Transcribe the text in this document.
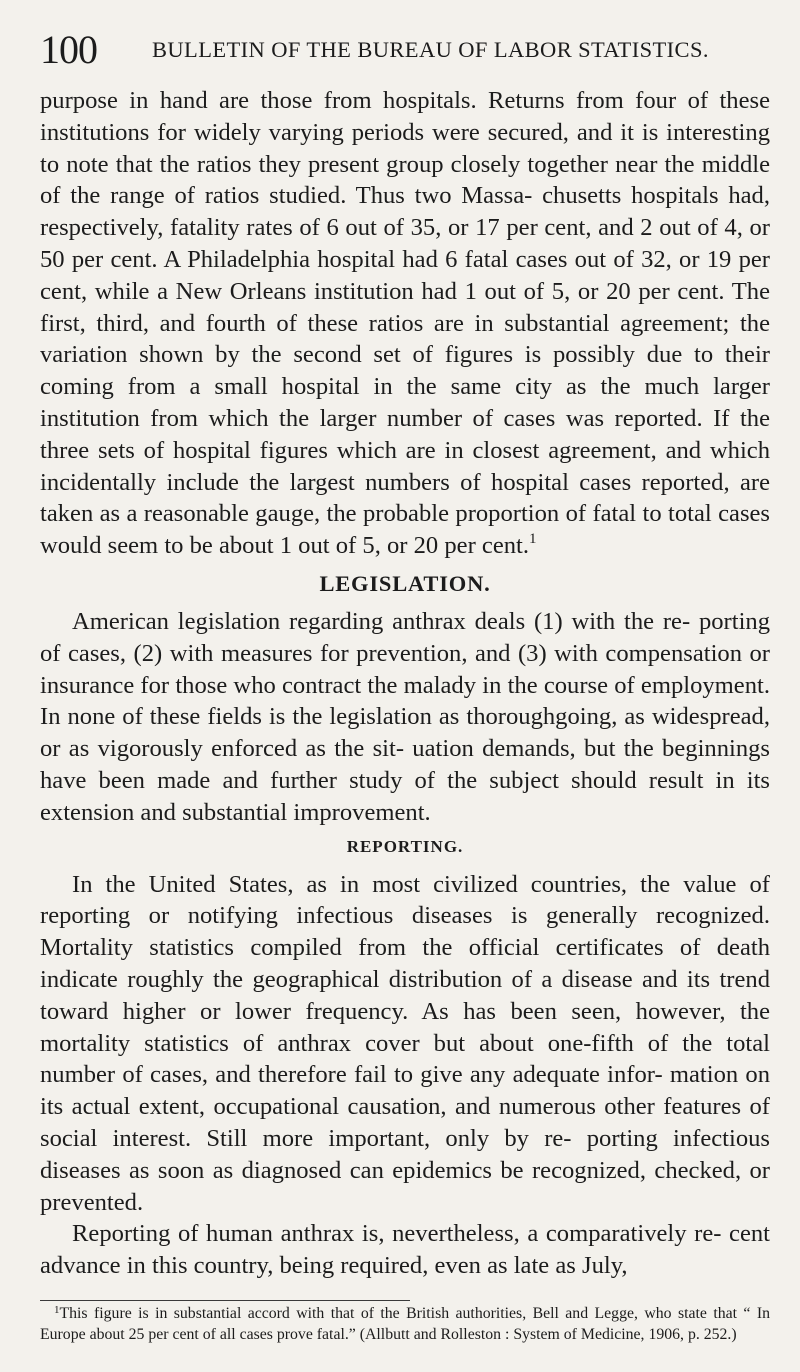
100 BULLETIN OF THE BUREAU OF LABOR STATISTICS.

purpose in hand are those from hospitals. Returns from four of these institutions for widely varying periods were secured, and it is interesting to note that the ratios they present group closely together near the middle of the range of ratios studied. Thus two Massa- chusetts hospitals had, respectively, fatality rates of 6 out of 35, or 17 per cent, and 2 out of 4, or 50 per cent. A Philadelphia hospital had 6 fatal cases out of 32, or 19 per cent, while a New Orleans institution had 1 out of 5, or 20 per cent. The first, third, and fourth of these ratios are in substantial agreement; the variation shown by the second set of figures is possibly due to their coming from a small hospital in the same city as the much larger institution from which the larger number of cases was reported. If the three sets of hospital figures which are in closest agreement, and which incidentally include the largest numbers of hospital cases reported, are taken as a reasonable gauge, the probable proportion of fatal to total cases would seem to be about 1 out of 5, or 20 per cent.$^1$

LEGISLATION.

American legislation regarding anthrax deals (1) with the re- porting of cases, (2) with measures for prevention, and (3) with compensation or insurance for those who contract the malady in the course of employment. In none of these fields is the legislation as thoroughgoing, as widespread, or as vigorously enforced as the sit- uation demands, but the beginnings have been made and further study of the subject should result in its extension and substantial improvement.

REPORTING.

In the United States, as in most civilized countries, the value of reporting or notifying infectious diseases is generally recognized. Mortality statistics compiled from the official certificates of death indicate roughly the geographical distribution of a disease and its trend toward higher or lower frequency. As has been seen, however, the mortality statistics of anthrax cover but about one-fifth of the total number of cases, and therefore fail to give any adequate infor- mation on its actual extent, occupational causation, and numerous other features of social interest. Still more important, only by re- porting infectious diseases as soon as diagnosed can epidemics be recognized, checked, or prevented.

Reporting of human anthrax is, nevertheless, a comparatively re- cent advance in this country, being required, even as late as July,

$^1$This figure is in substantial accord with that of the British authorities, Bell and Legge, who state that “ In Europe about 25 per cent of all cases prove fatal.” (Allbutt and Rolleston : System of Medicine, 1906, p. 252.)
